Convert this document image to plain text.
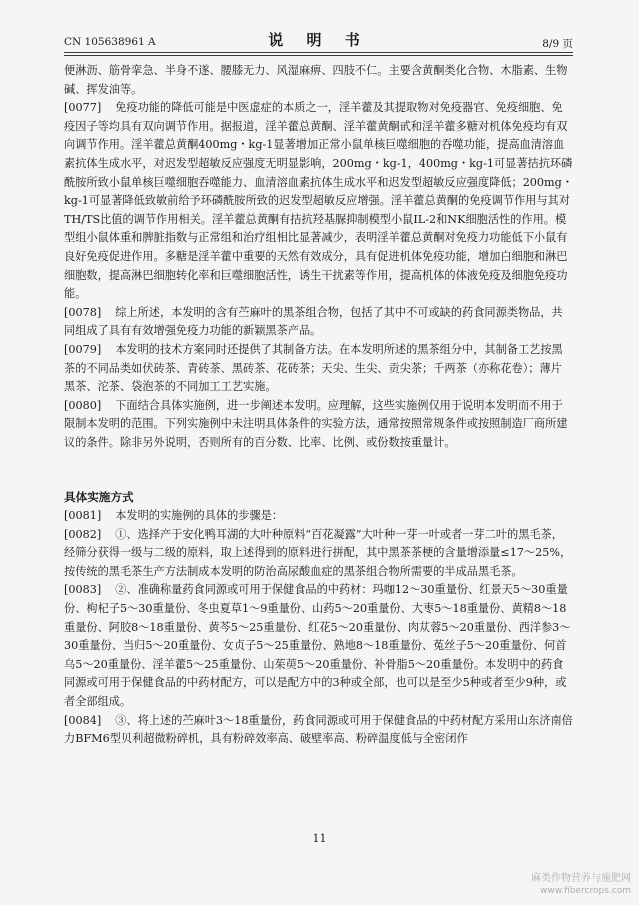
CN 105638961 A	说 明 书	8/9 页

便淋沥、筋骨挛急、半身不遂、腰膝无力、风湿麻痹、四肢不仁。主要含黄酮类化合物、木脂素、生物碱、挥发油等。

[0077] 免疫功能的降低可能是中医虚症的本质之一，淫羊藿及其提取物对免疫器官、免疫细胞、免疫因子等均具有双向调节作用。据报道，淫羊藿总黄酮、淫羊藿黄酮甙和淫羊藿多糖对机体免疫均有双向调节作用。淫羊藿总黄酮400mg・kg-1显著增加正常小鼠单核巨噬细胞的吞噬功能，提高血清溶血素抗体生成水平，对迟发型超敏反应强度无明显影响，200mg・kg-1，400mg・kg-1可显著拮抗环磷酰胺所致小鼠单核巨噬细胞吞噬能力、血清溶血素抗体生成水平和迟发型超敏反应强度降低；200mg・kg-1可显著降低致敏前给予环磷酰胺所致的迟发型超敏反应增强。淫羊藿总黄酮的免疫调节作用与其对TH/TS比值的调节作用相关。淫羊藿总黄酮有拮抗羟基脲抑制模型小鼠IL-2和NK细胞活性的作用。模型组小鼠体重和脾脏指数与正常组和治疗组相比显著减少，表明淫羊藿总黄酮对免疫力功能低下小鼠有良好免疫促进作用。多糖是淫羊藿中重要的天然有效成分，具有促进机体免疫功能，增加白细胞和淋巴细胞数，提高淋巴细胞转化率和巨噬细胞活性，诱生干扰素等作用，提高机体的体液免疫及细胞免疫功能。

[0078] 综上所述，本发明的含有苎麻叶的黑茶组合物，包括了其中不可或缺的药食同源类物品，共同组成了具有有效增强免疫力功能的新颖黑茶产品。

[0079] 本发明的技术方案同时还提供了其制备方法。在本发明所述的黑茶组分中，其制备工艺按黑茶的不同品类如伏砖茶、青砖茶、黑砖茶、花砖茶；天尖、生尖、贡尖茶；千两茶（亦称花卷）；薄片黑茶、沱茶、袋泡茶的不同加工工艺实施。

[0080] 下面结合具体实施例，进一步阐述本发明。应理解，这些实施例仅用于说明本发明而不用于限制本发明的范围。下列实施例中未注明具体条件的实验方法，通常按照常规条件或按照制造厂商所建议的条件。除非另外说明，否则所有的百分数、比率、比例、或份数按重量计。

具体实施方式

[0081] 本发明的实施例的具体的步骤是：

[0082] ①、选择产于安化鸭耳湖的大叶种原料“百花凝露”大叶种一芽一叶或者一芽二叶的黑毛茶，经筛分获得一级与二级的原料，取上述得到的原料进行拼配，其中黑茶茶梗的含量增添量≤17～25%，按传统的黑毛茶生产方法制成本发明的防治高尿酸血症的黑茶组合物所需要的半成品黑毛茶。

[0083] ②、准确称量药食同源或可用于保健食品的中药材：玛咖12～30重量份、红景天5～30重量份、枸杞子5～30重量份、冬虫夏草1～9重量份、山药5～20重量份、大枣5～18重量份、黄精8～18重量份、阿胶8～18重量份、黄芩5～25重量份、红花5～20重量份、肉苁蓉5～20重量份、西洋参3～30重量份、当归5～20重量份、女贞子5～25重量份、熟地8～18重量份、菟丝子5～20重量份、何首乌5～20重量份、淫羊藿5～25重量份、山茱萸5～20重量份、补骨脂5～20重量份。本发明中的药食同源或可用于保健食品的中药材配方，可以是配方中的3种或全部，也可以是至少5种或者至少9种，或者全部组成。

[0084] ③、将上述的苎麻叶3～18重量份，药食同源或可用于保健食品的中药材配方采用山东济南倍力BFM6型贝利超微粉碎机，具有粉碎效率高、破壁率高、粉碎温度低与全密闭作

11
麻类作物营养与施肥网
www.fibercrops.com
